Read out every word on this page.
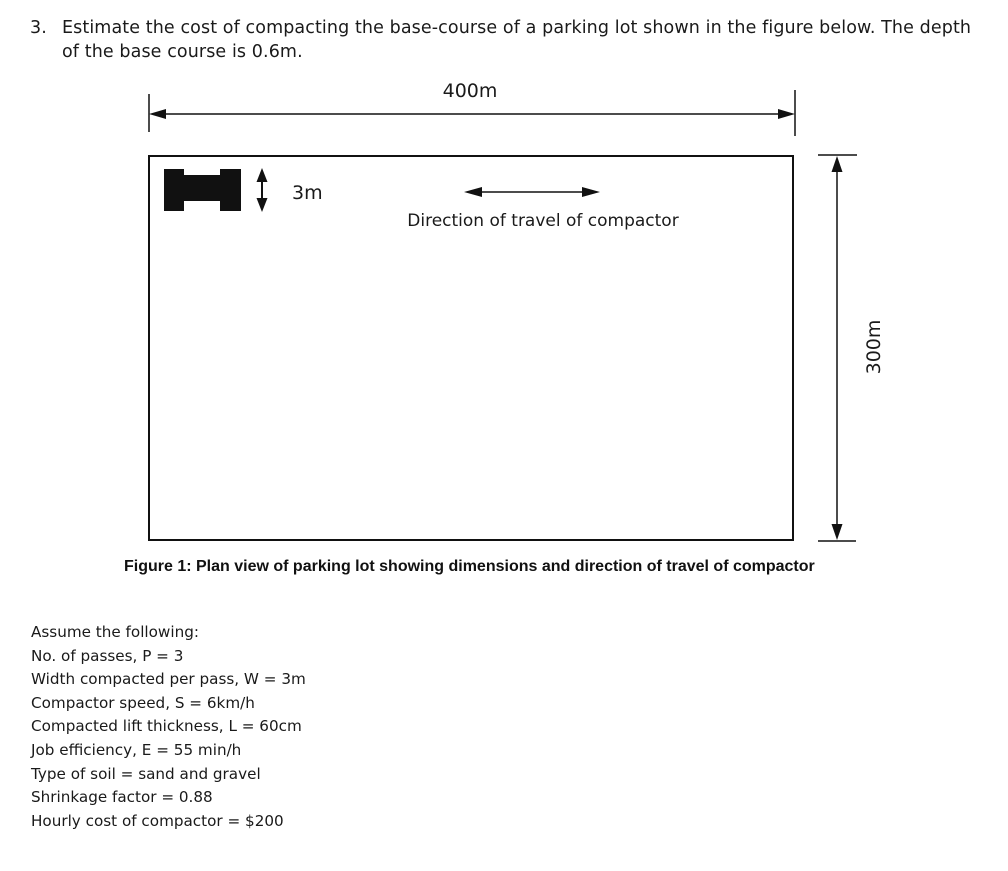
3. Estimate the cost of compacting the base-course of a parking lot shown in the figure below. The depth of the base course is 0.6m.
400m
3m
Direction of travel of compactor
300m
Figure 1: Plan view of parking lot showing dimensions and direction of travel of compactor
Assume the following:
No. of passes, P = 3
Width compacted per pass, W = 3m
Compactor speed, S = 6km/h
Compacted lift thickness, L = 60cm
Job efficiency, E = 55 min/h
Type of soil = sand and gravel
Shrinkage factor = 0.88
Hourly cost of compactor = $200
